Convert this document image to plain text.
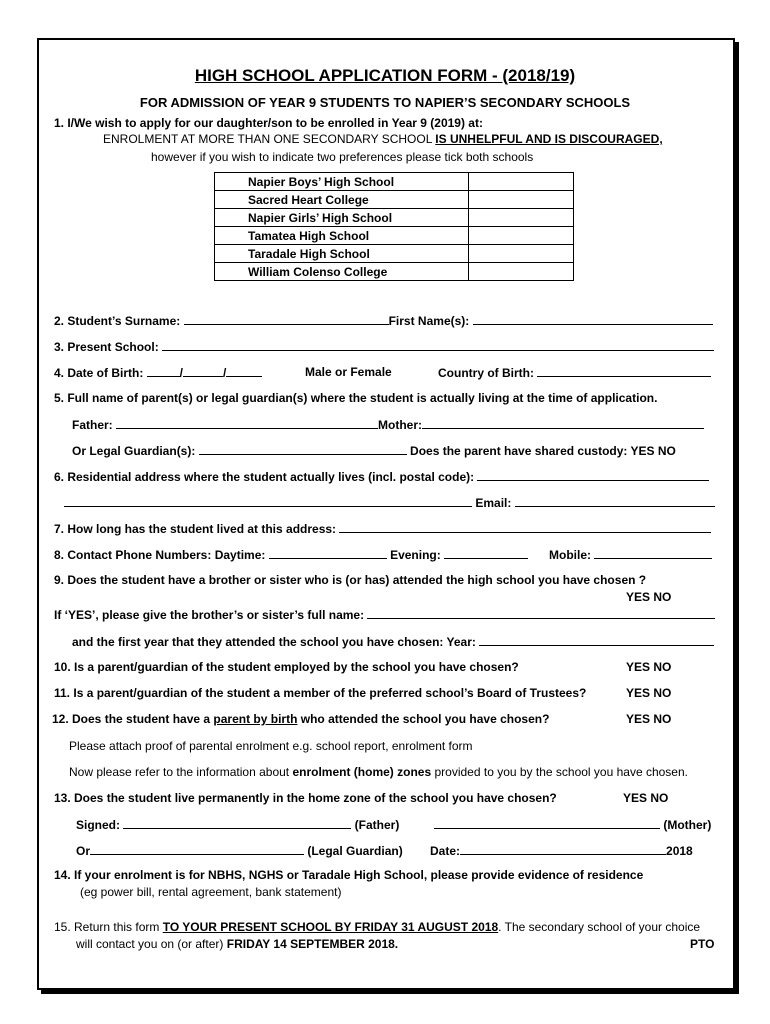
HIGH SCHOOL APPLICATION FORM - (2018/19)
FOR ADMISSION OF YEAR 9 STUDENTS TO NAPIER’S SECONDARY SCHOOLS
1. I/We wish to apply for our daughter/son to be enrolled in Year 9 (2019) at:
ENROLMENT AT MORE THAN ONE SECONDARY SCHOOL IS UNHELPFUL AND IS DISCOURAGED,
however if you wish to indicate two preferences please tick both schools
Napier Boys’ High School	
Sacred Heart College	
Napier Girls’ High School	
Tamatea High School	
Taradale High School	
William Colenso College	
2. Student’s Surname:	First Name(s):
3. Present School:
4. Date of Birth:	/	/	Male or Female	Country of Birth:
5. Full name of parent(s) or legal guardian(s) where the student is actually living at the time of application.
Father:	Mother:
Or Legal Guardian(s):	Does the parent have shared custody: YES NO
6. Residential address where the student actually lives (incl. postal code):
Email:
7. How long has the student lived at this address:
8. Contact Phone Numbers: Daytime:	Evening:	Mobile:
9. Does the student have a brother or sister who is (or has) attended the high school you have chosen ?
YES NO
If ‘YES’, please give the brother’s or sister’s full name:
and the first year that they attended the school you have chosen: Year:
10. Is a parent/guardian of the student employed by the school you have chosen?	YES NO
11. Is a parent/guardian of the student a member of the preferred school’s Board of Trustees?	YES NO
12. Does the student have a parent by birth who attended the school you have chosen?	YES NO
Please attach proof of parental enrolment e.g. school report, enrolment form
Now please refer to the information about enrolment (home) zones provided to you by the school you have chosen.
13. Does the student live permanently in the home zone of the school you have chosen?	YES NO
Signed:	(Father)	(Mother)
Or	(Legal Guardian) Date:	2018
14. If your enrolment is for NBHS, NGHS or Taradale High School, please provide evidence of residence
(eg power bill, rental agreement, bank statement)
15. Return this form TO YOUR PRESENT SCHOOL BY FRIDAY 31 AUGUST 2018. The secondary school of your choice
will contact you on (or after) FRIDAY 14 SEPTEMBER 2018.	PTO
